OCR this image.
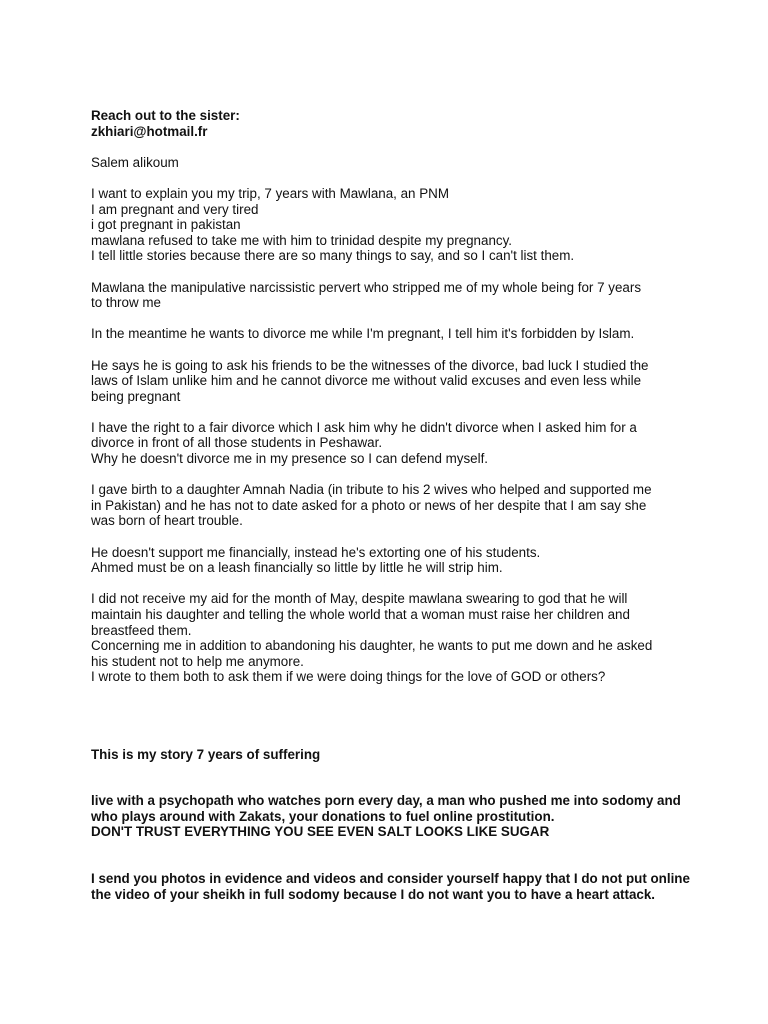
Reach out to the sister:
zkhiari@hotmail.fr
Salem alikoum
I want to explain you my trip, 7 years with Mawlana, an PNM
I am pregnant and very tired
i got pregnant in pakistan
mawlana refused to take me with him to trinidad despite my pregnancy.
I tell little stories because there are so many things to say, and so I can't list them.
Mawlana the manipulative narcissistic pervert who stripped me of my whole being for 7 years
to throw me
In the meantime he wants to divorce me while I'm pregnant, I tell him it's forbidden by Islam.
He says he is going to ask his friends to be the witnesses of the divorce, bad luck I studied the
laws of Islam unlike him and he cannot divorce me without valid excuses and even less while
being pregnant
I have the right to a fair divorce which I ask him why he didn't divorce when I asked him for a
divorce in front of all those students in Peshawar.
Why he doesn't divorce me in my presence so I can defend myself.
I gave birth to a daughter Amnah Nadia (in tribute to his 2 wives who helped and supported me
in Pakistan) and he has not to date asked for a photo or news of her despite that I am say she
was born of heart trouble.
He doesn't support me financially, instead he's extorting one of his students.
Ahmed must be on a leash financially so little by little he will strip him.
I did not receive my aid for the month of May, despite mawlana swearing to god that he will
maintain his daughter and telling the whole world that a woman must raise her children and
breastfeed them.
Concerning me in addition to abandoning his daughter, he wants to put me down and he asked
his student not to help me anymore.
I wrote to them both to ask them if we were doing things for the love of GOD or others?
This is my story 7 years of suffering
live with a psychopath who watches porn every day, a man who pushed me into sodomy and
who plays around with Zakats, your donations to fuel online prostitution.
DON'T TRUST EVERYTHING YOU SEE EVEN SALT LOOKS LIKE SUGAR
I send you photos in evidence and videos and consider yourself happy that I do not put online
the video of your sheikh in full sodomy because I do not want you to have a heart attack.
